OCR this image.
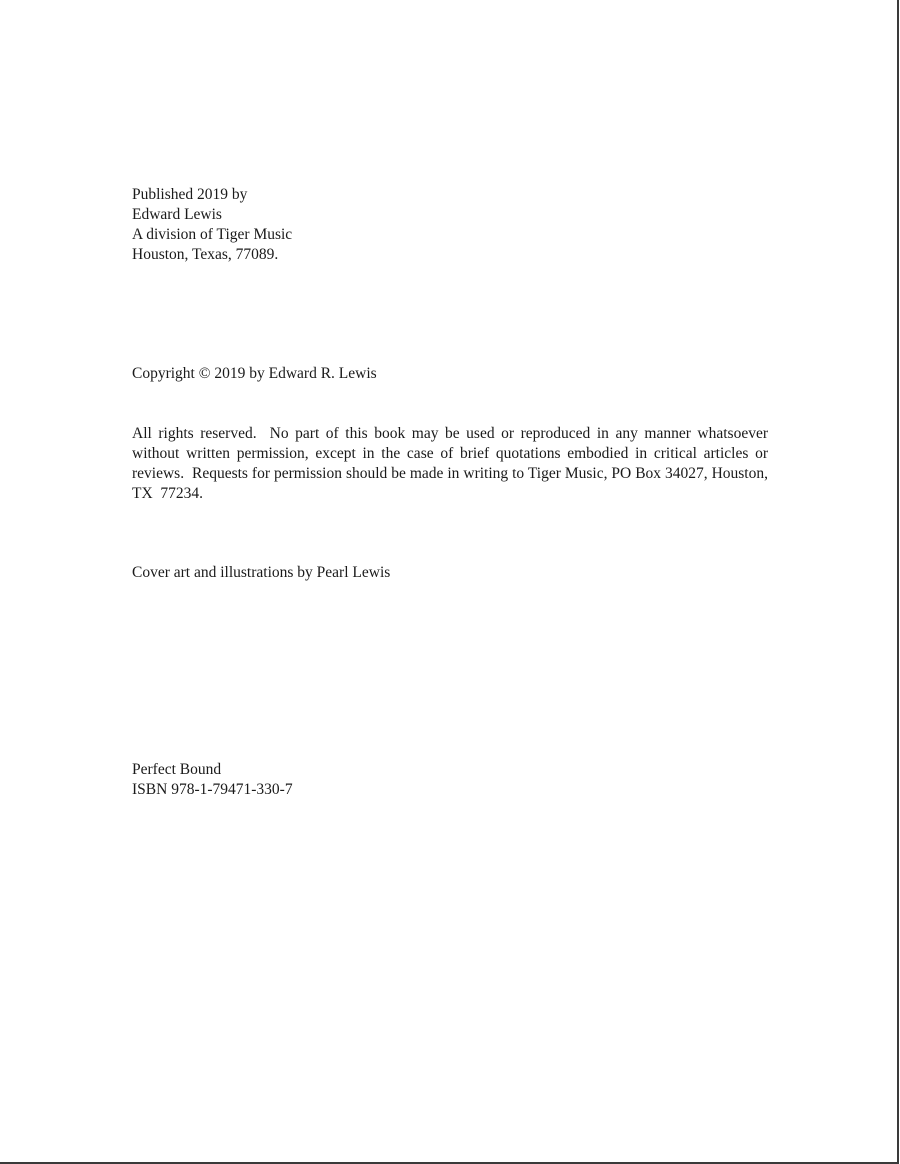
Published 2019 by
Edward Lewis
A division of Tiger Music
Houston, Texas, 77089.
Copyright © 2019 by Edward R. Lewis
All rights reserved.  No part of this book may be used or reproduced in any manner whatsoever without written permission, except in the case of brief quotations embodied in critical articles or reviews.  Requests for permission should be made in writing to Tiger Music, PO Box 34027, Houston, TX  77234.
Cover art and illustrations by Pearl Lewis
Perfect Bound
ISBN 978-1-79471-330-7
